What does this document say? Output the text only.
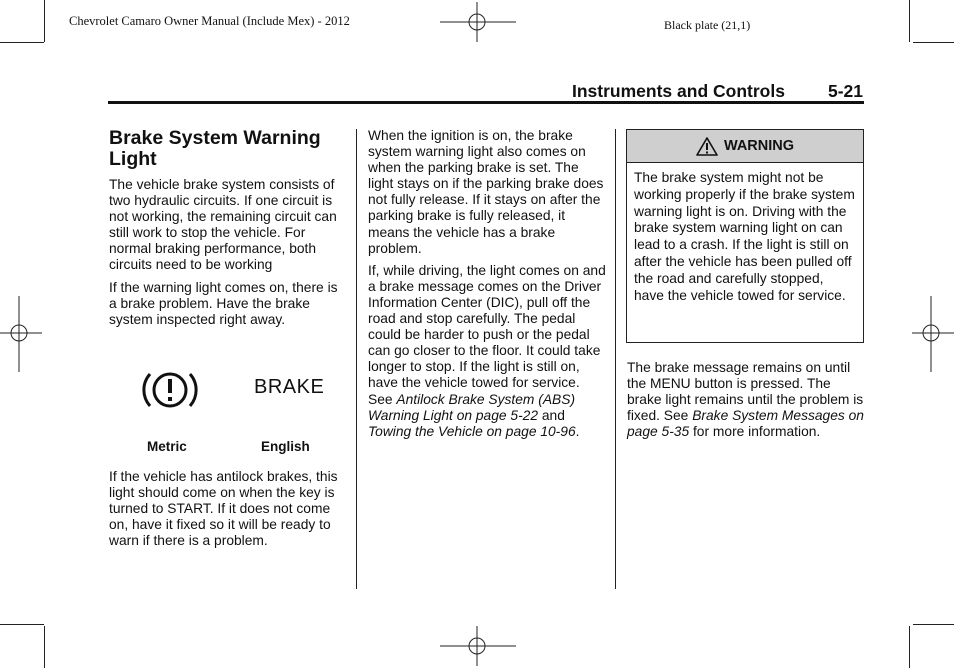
Chevrolet Camaro Owner Manual (Include Mex) - 2012	Black plate (21,1)
Instruments and Controls 5-21
Brake System Warning Light

The vehicle brake system consists of two hydraulic circuits. If one circuit is not working, the remaining circuit can still work to stop the vehicle. For normal braking performance, both circuits need to be working

If the warning light comes on, there is a brake problem. Have the brake system inspected right away.

BRAKE
Metric	English

If the vehicle has antilock brakes, this light should come on when the key is turned to START. If it does not come on, have it fixed so it will be ready to warn if there is a problem.

When the ignition is on, the brake system warning light also comes on when the parking brake is set. The light stays on if the parking brake does not fully release. If it stays on after the parking brake is fully released, it means the vehicle has a brake problem.

If, while driving, the light comes on and a brake message comes on the Driver Information Center (DIC), pull off the road and stop carefully. The pedal could be harder to push or the pedal can go closer to the floor. It could take longer to stop. If the light is still on, have the vehicle towed for service. See Antilock Brake System (ABS) Warning Light on page 5-22 and Towing the Vehicle on page 10-96.

WARNING
The brake system might not be working properly if the brake system warning light is on. Driving with the brake system warning light on can lead to a crash. If the light is still on after the vehicle has been pulled off the road and carefully stopped, have the vehicle towed for service.

The brake message remains on until the MENU button is pressed. The brake light remains until the problem is fixed. See Brake System Messages on page 5-35 for more information.
